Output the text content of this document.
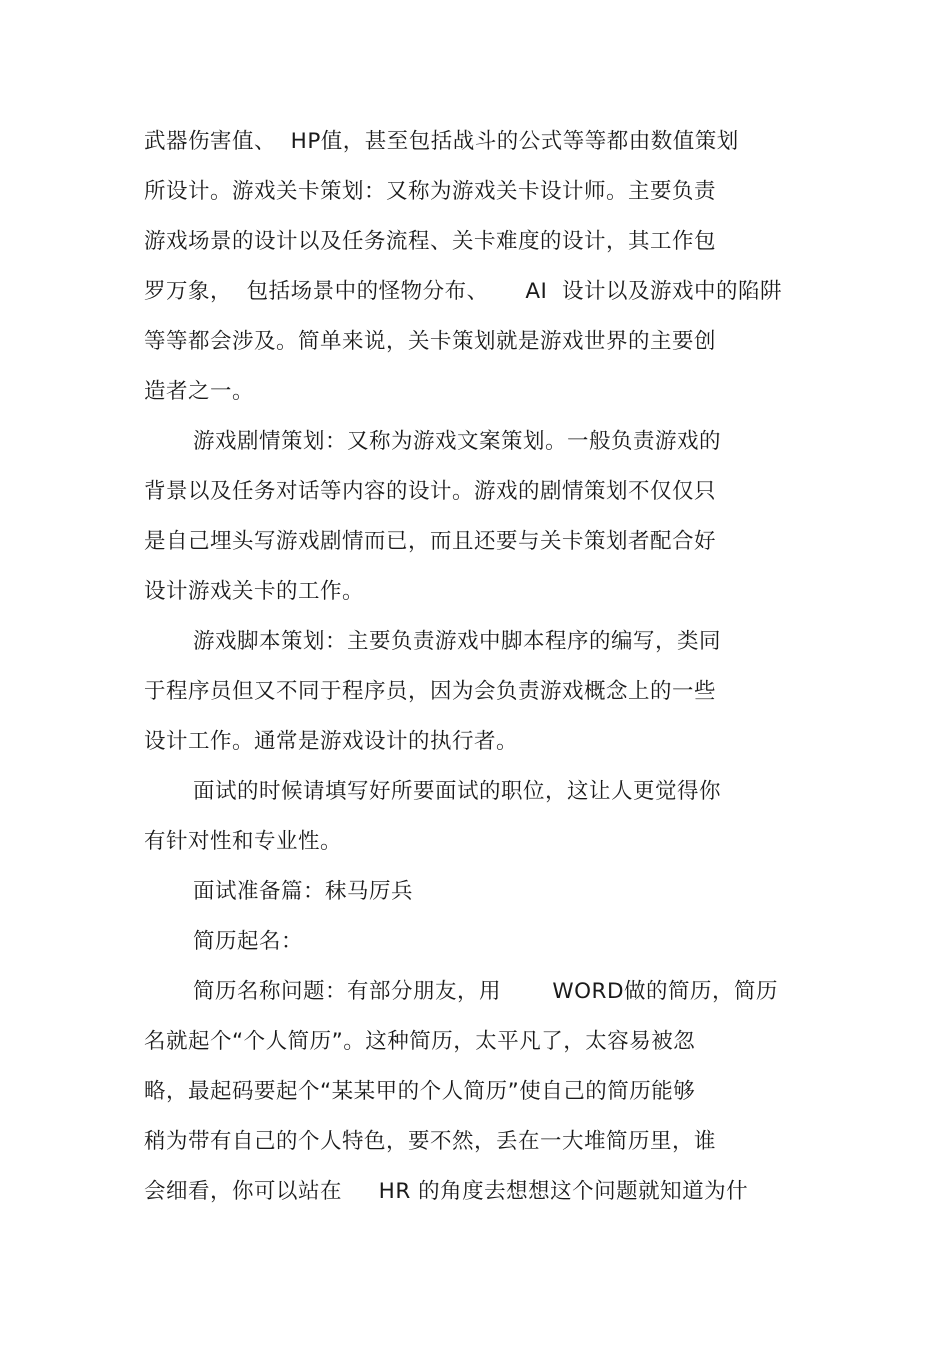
武器伤害值、  HP值，甚至包括战斗的公式等等都由数值策划
所设计。游戏关卡策划：又称为游戏关卡设计师。主要负责
游戏场景的设计以及任务流程、关卡难度的设计，其工作包
罗万象，  包括场景中的怪物分布、     AI  设计以及游戏中的陷阱
等等都会涉及。简单来说，关卡策划就是游戏世界的主要创
造者之一。
游戏剧情策划：又称为游戏文案策划。一般负责游戏的
背景以及任务对话等内容的设计。游戏的剧情策划不仅仅只
是自己埋头写游戏剧情而已，而且还要与关卡策划者配合好
设计游戏关卡的工作。
游戏脚本策划：主要负责游戏中脚本程序的编写，类同
于程序员但又不同于程序员，因为会负责游戏概念上的一些
设计工作。通常是游戏设计的执行者。
面试的时候请填写好所要面试的职位，这让人更觉得你
有针对性和专业性。
面试准备篇：秣马厉兵
简历起名：
简历名称问题：有部分朋友，用       WORD做的简历，简历
名就起个“个人简历”。这种简历，太平凡了，太容易被忽
略，最起码要起个“某某甲的个人简历”使自己的简历能够
稍为带有自己的个人特色，要不然，丢在一大堆简历里，谁
会细看，你可以站在     HR 的角度去想想这个问题就知道为什
